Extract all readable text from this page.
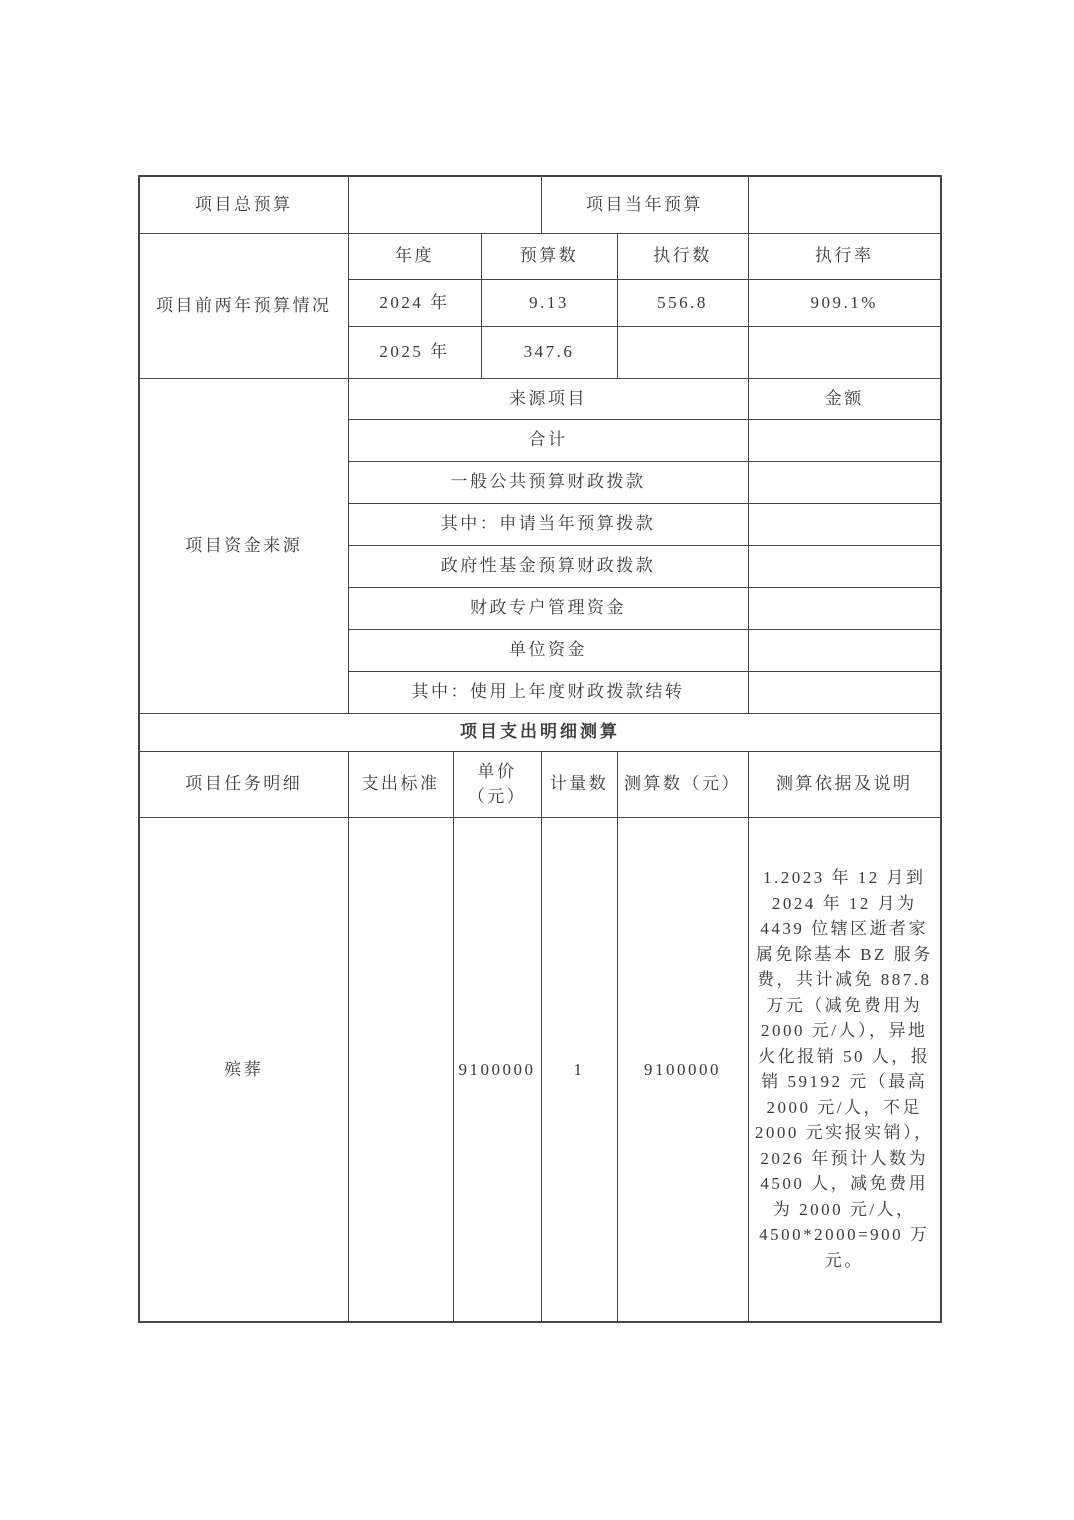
项目总预算				项目当年预算		
项目前两年预算情况	年度		预算数		执行数	执行率
	2024 年		9.13		556.8	909.1%
	2025 年		347.6			
项目资金来源	来源项目					金额
	合计					
	一般公共预算财政拨款					
	其中：申请当年预算拨款					
	政府性基金预算财政拨款					
	财政专户管理资金					
	单位资金					
	其中：使用上年度财政拨款结转					
项目支出明细测算						
项目任务明细	支出标准	单价（元）		计量数	测算数（元）	测算依据及说明
殡葬		9100000		1	9100000	1.2023 年 12 月到 2024 年 12 月为 4439 位辖区逝者家属免除基本 BZ 服务费，共计减免 887.8 万元（减免费用为 2000 元/人），异地火化报销 50 人，报销 59192 元（最高 2000 元/人，不足 2000 元实报实销），2026 年预计人数为 4500 人，减免费用为 2000 元/人，4500*2000=900 万元。
